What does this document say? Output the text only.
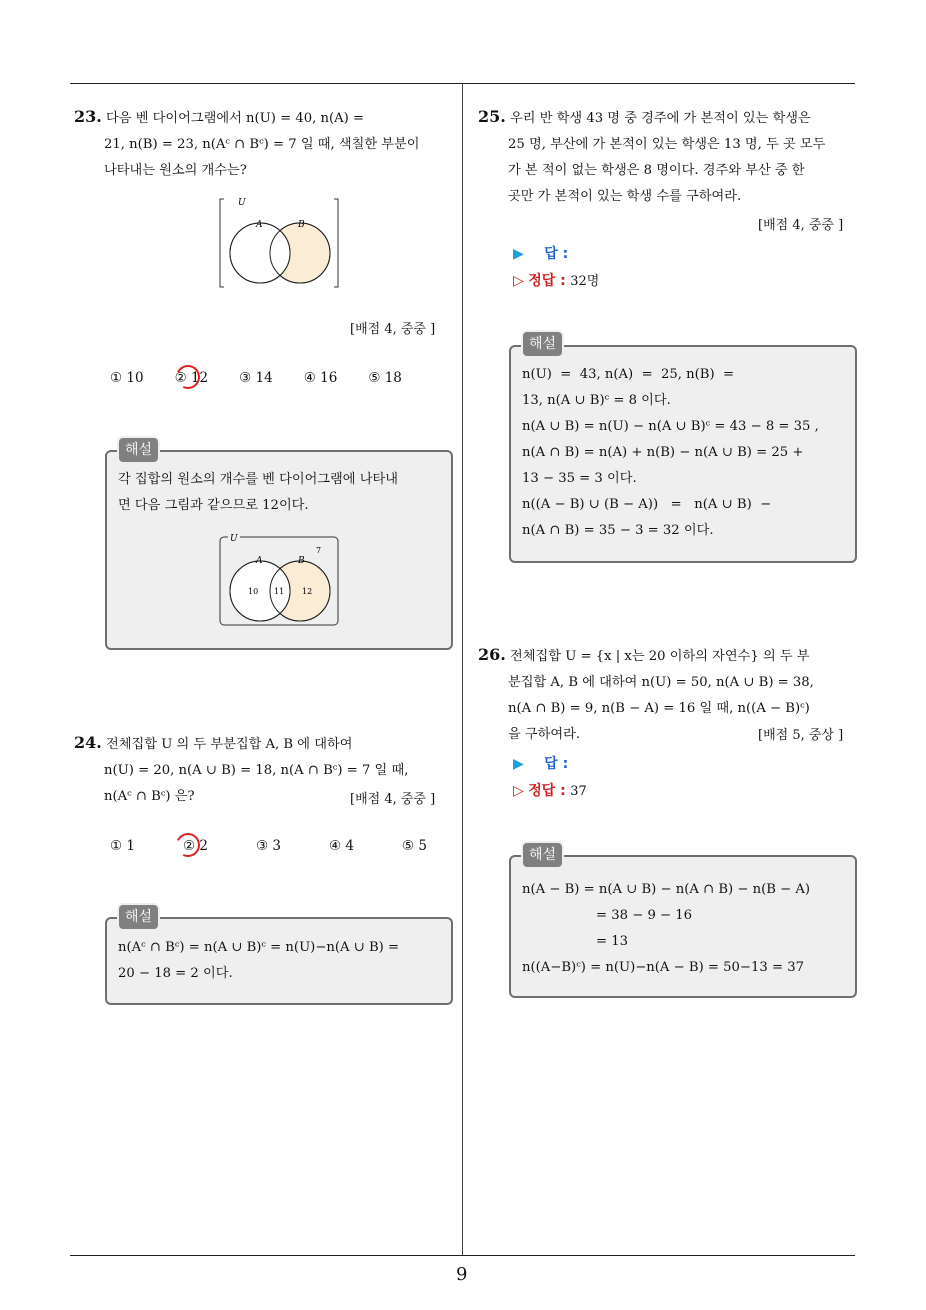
9
23. 다음 벤 다이어그램에서 n(U) = 40, n(A) =
21, n(B) = 23, n(Aᶜ ∩ Bᶜ) = 7 일 때, 색칠한 부분이
나타내는 원소의 개수는?
U
A	B
[배점 4, 중중 ]
① 10 ② 12 ③ 14 ④ 16 ⑤ 18
해설
각 집합의 원소의 개수를 벤 다이어그램에 나타내
면 다음 그림과 같으므로 12이다.
U
A	B
7
10 11 12
24. 전체집합 U 의 두 부분집합 A, B 에 대하여
n(U) = 20, n(A ∪ B) = 18, n(A ∩ Bᶜ) = 7 일 때,
n(Aᶜ ∩ Bᶜ) 은?	[배점 4, 중중 ]
① 1	② 2	③ 3	④ 4	⑤ 5
해설
n(Aᶜ ∩ Bᶜ) = n(A ∪ B)ᶜ = n(U)−n(A ∪ B) =
20 − 18 = 2 이다.
25. 우리 반 학생 43 명 중 경주에 가 본적이 있는 학생은
25 명, 부산에 가 본적이 있는 학생은 13 명, 두 곳 모두
가 본 적이 없는 학생은 8 명이다. 경주와 부산 중 한
곳만 가 본적이 있는 학생 수를 구하여라.
[배점 4, 중중 ]
▶ 답 :
▷ 정답 : 32명
해설
n(U)  =  43, n(A)  =  25, n(B)  =
13, n(A ∪ B)ᶜ = 8 이다.
n(A ∪ B) = n(U) − n(A ∪ B)ᶜ = 43 − 8 = 35 ,
n(A ∩ B) = n(A) + n(B) − n(A ∪ B) = 25 +
13 − 35 = 3 이다.
n((A − B) ∪ (B − A))   =   n(A ∪ B)  −
n(A ∩ B) = 35 − 3 = 32 이다.
26. 전체집합 U = {x | x는 20 이하의 자연수} 의 두 부
분집합 A, B 에 대하여 n(U) = 50, n(A ∪ B) = 38,
n(A ∩ B) = 9, n(B − A) = 16 일 때, n((A − B)ᶜ)
을 구하여라.	[배점 5, 중상 ]
▶ 답 :
▷ 정답 : 37
해설
n(A − B) = n(A ∪ B) − n(A ∩ B) − n(B − A)
= 38 − 9 − 16
= 13
n((A−B)ᶜ) = n(U)−n(A − B) = 50−13 = 37
